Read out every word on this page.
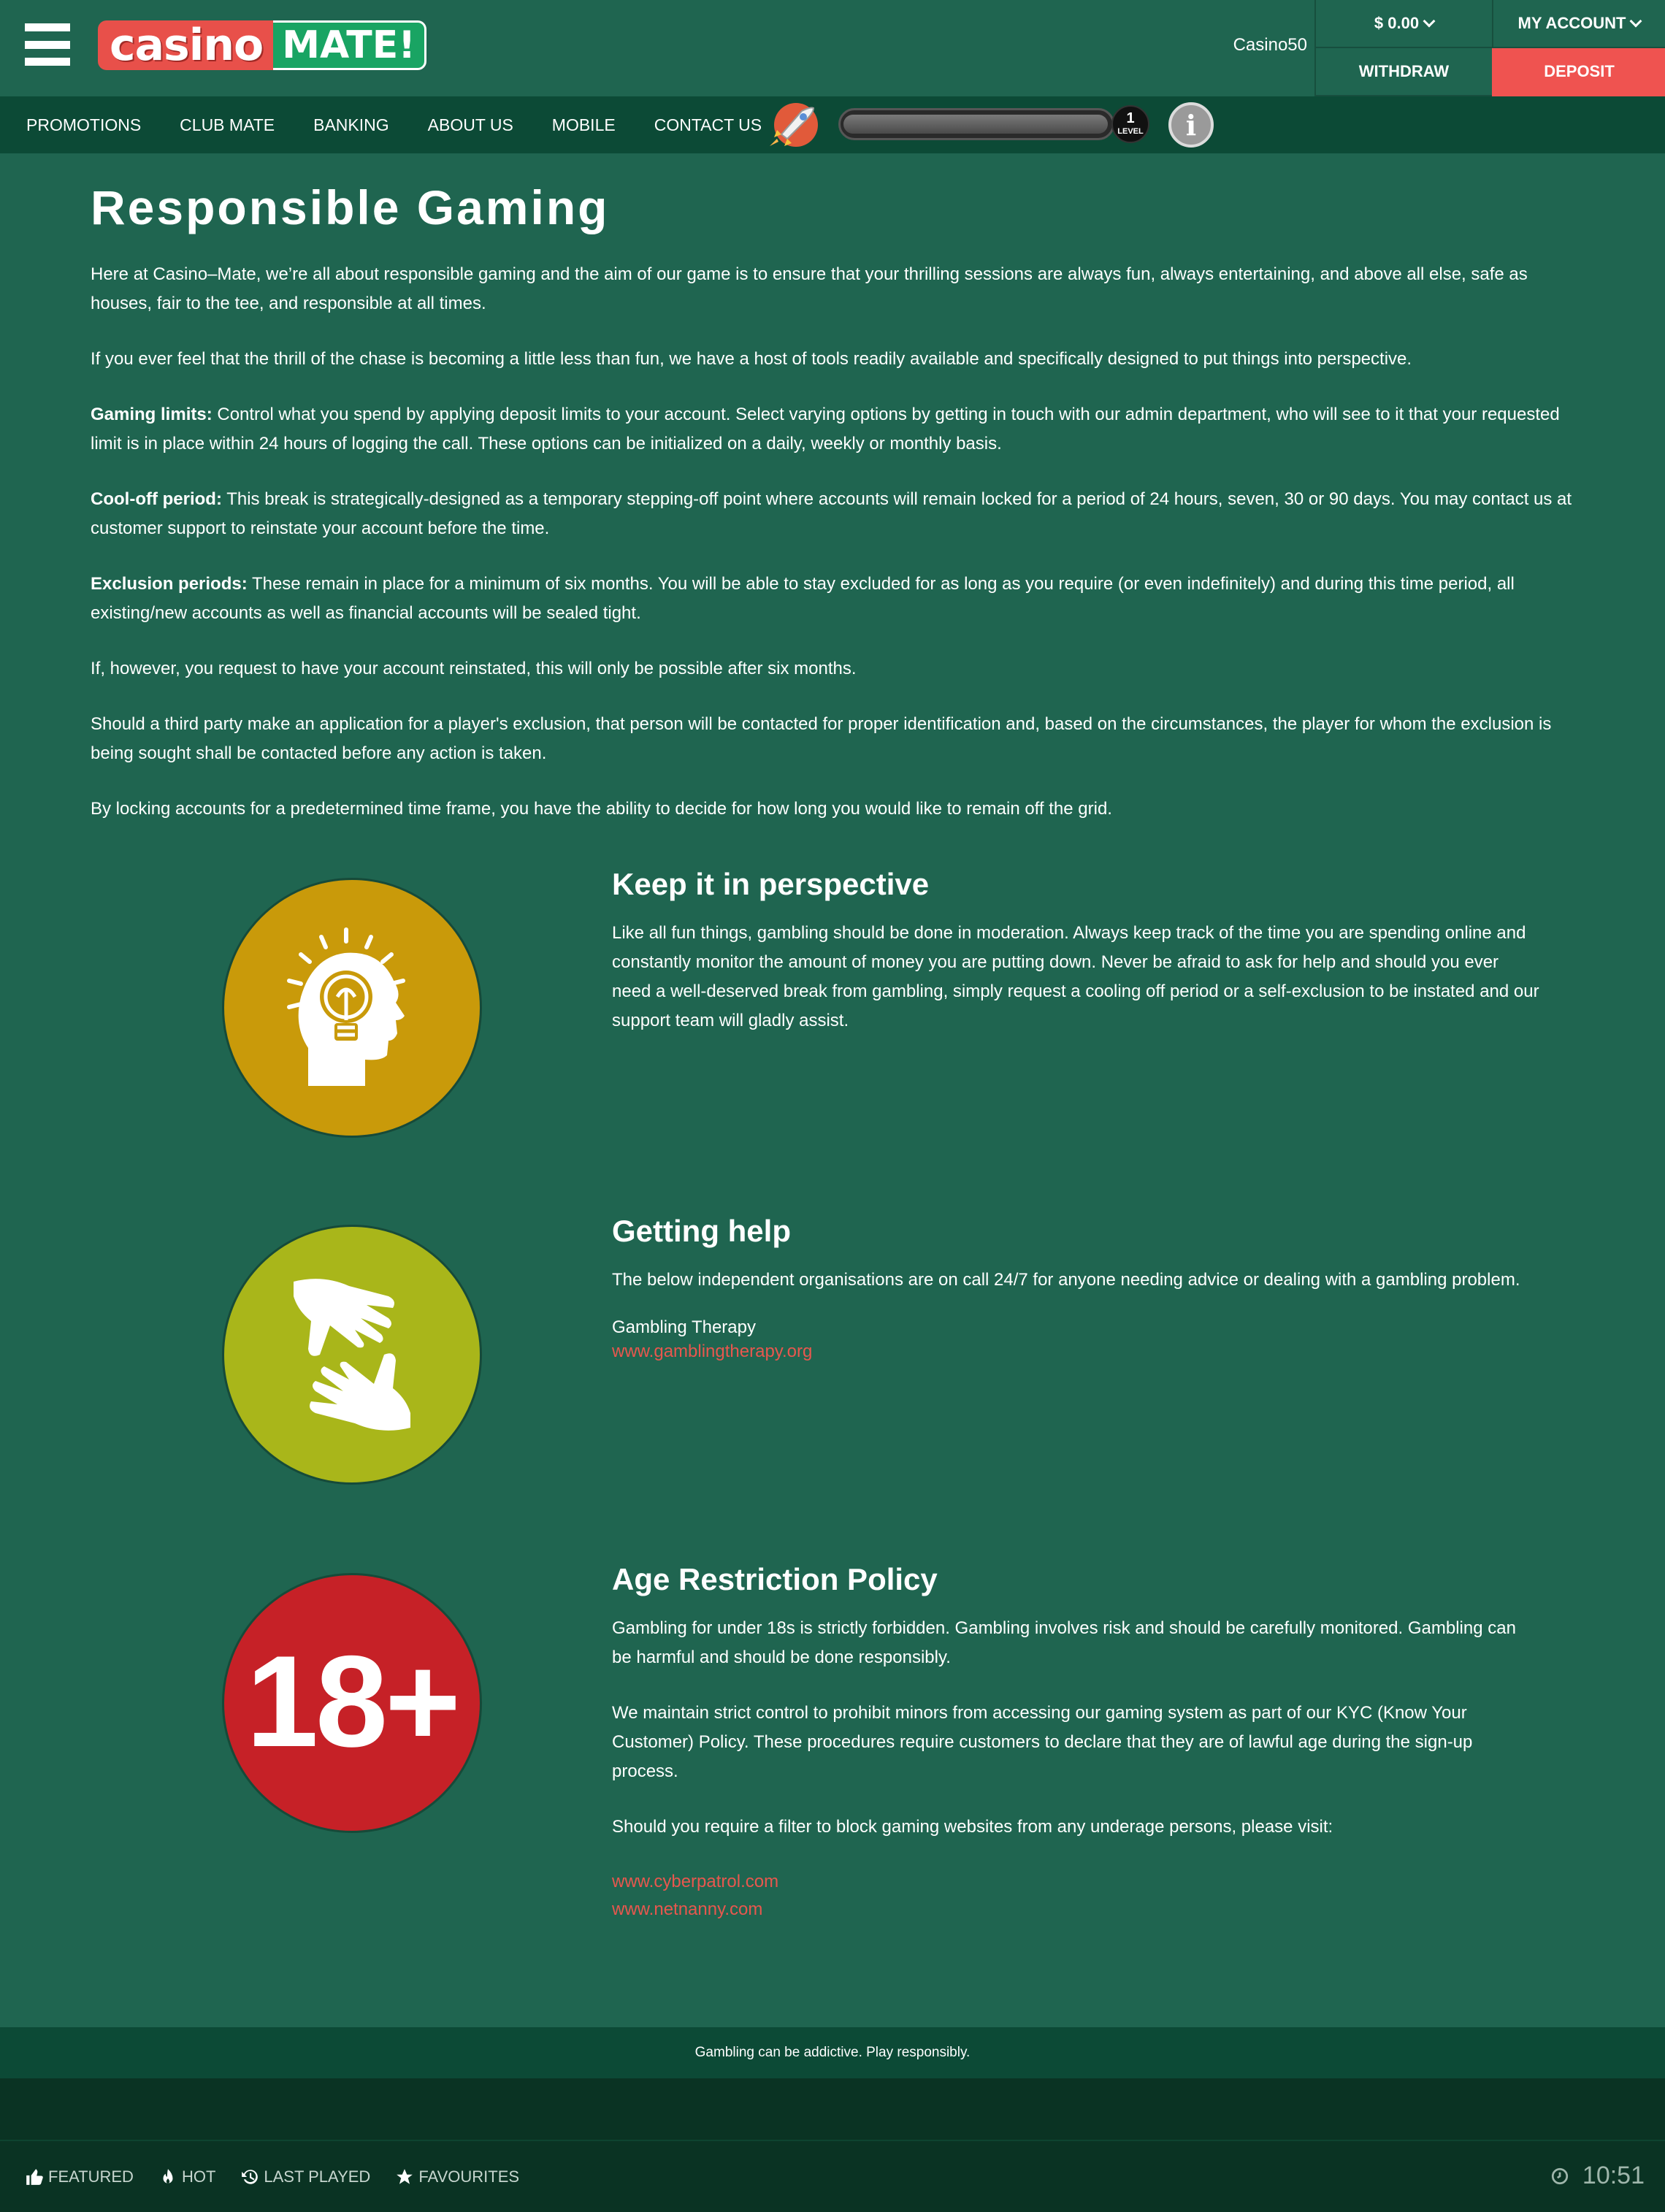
casino MATE!	Casino50
$ 0.00	MY ACCOUNT
WITHDRAW	DEPOSIT
PROMOTIONS CLUB MATE BANKING ABOUT US MOBILE CONTACT US	1
LEVEL	i
Responsible Gaming

Here at Casino–Mate, we’re all about responsible gaming and the aim of our game is to ensure that your thrilling sessions are always fun, always entertaining, and above all else, safe as houses, fair to the tee, and responsible at all times.

If you ever feel that the thrill of the chase is becoming a little less than fun, we have a host of tools readily available and specifically designed to put things into perspective.

Gaming limits: Control what you spend by applying deposit limits to your account. Select varying options by getting in touch with our admin department, who will see to it that your requested limit is in place within 24 hours of logging the call. These options can be initialized on a daily, weekly or monthly basis.

Cool-off period: This break is strategically-designed as a temporary stepping-off point where accounts will remain locked for a period of 24 hours, seven, 30 or 90 days. You may contact us at customer support to reinstate your account before the time.

Exclusion periods: These remain in place for a minimum of six months. You will be able to stay excluded for as long as you require (or even indefinitely) and during this time period, all existing/new accounts as well as financial accounts will be sealed tight.

If, however, you request to have your account reinstated, this will only be possible after six months.

Should a third party make an application for a player's exclusion, that person will be contacted for proper identification and, based on the circumstances, the player for whom the exclusion is being sought shall be contacted before any action is taken.

By locking accounts for a predetermined time frame, you have the ability to decide for how long you would like to remain off the grid.

Keep it in perspective

Like all fun things, gambling should be done in moderation. Always keep track of the time you are spending online and constantly monitor the amount of money you are putting down. Never be afraid to ask for help and should you ever need a well-deserved break from gambling, simply request a cooling off period or a self-exclusion to be instated and our support team will gladly assist.

Getting help

The below independent organisations are on call 24/7 for anyone needing advice or dealing with a gambling problem.

Gambling Therapy
www.gamblingtherapy.org
18+
Age Restriction Policy

Gambling for under 18s is strictly forbidden. Gambling involves risk and should be carefully monitored. Gambling can be harmful and should be done responsibly.

We maintain strict control to prohibit minors from accessing our gaming system as part of our KYC (Know Your Customer) Policy. These procedures require customers to declare that they are of lawful age during the sign-up process.

Should you require a filter to block gaming websites from any underage persons, please visit:

www.cyberpatrol.com
www.netnanny.com
Gambling can be addictive. Play responsibly.
FEATURED	HOT	LAST PLAYED	FAVOURITES	10:51
